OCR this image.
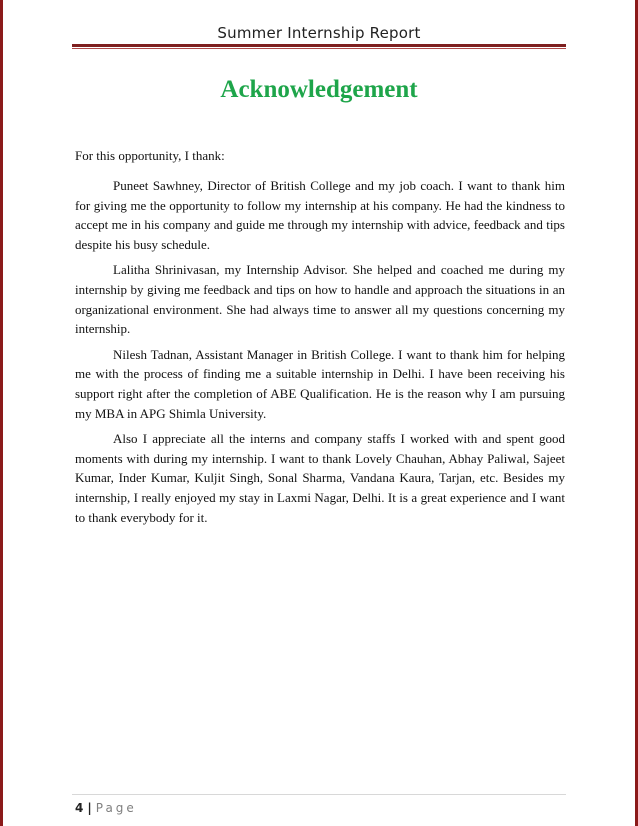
Summer Internship Report
Acknowledgement
For this opportunity, I thank:

Puneet Sawhney, Director of British College and my job coach. I want to thank him for giving me the opportunity to follow my internship at his company. He had the kindness to accept me in his company and guide me through my internship with advice, feedback and tips despite his busy schedule.

Lalitha Shrinivasan, my Internship Advisor. She helped and coached me during my internship by giving me feedback and tips on how to handle and approach the situations in an organizational environment. She had always time to answer all my questions concerning my internship.

Nilesh Tadnan, Assistant Manager in British College. I want to thank him for helping me with the process of finding me a suitable internship in Delhi. I have been receiving his support right after the completion of ABE Qualification. He is the reason why I am pursuing my MBA in APG Shimla University.

Also I appreciate all the interns and company staffs I worked with and spent good moments with during my internship. I want to thank Lovely Chauhan, Abhay Paliwal, Sajeet Kumar, Inder Kumar, Kuljit Singh, Sonal Sharma, Vandana Kaura, Tarjan, etc. Besides my internship, I really enjoyed my stay in Laxmi Nagar, Delhi. It is a great experience and I want to thank everybody for it.

4 | Page
